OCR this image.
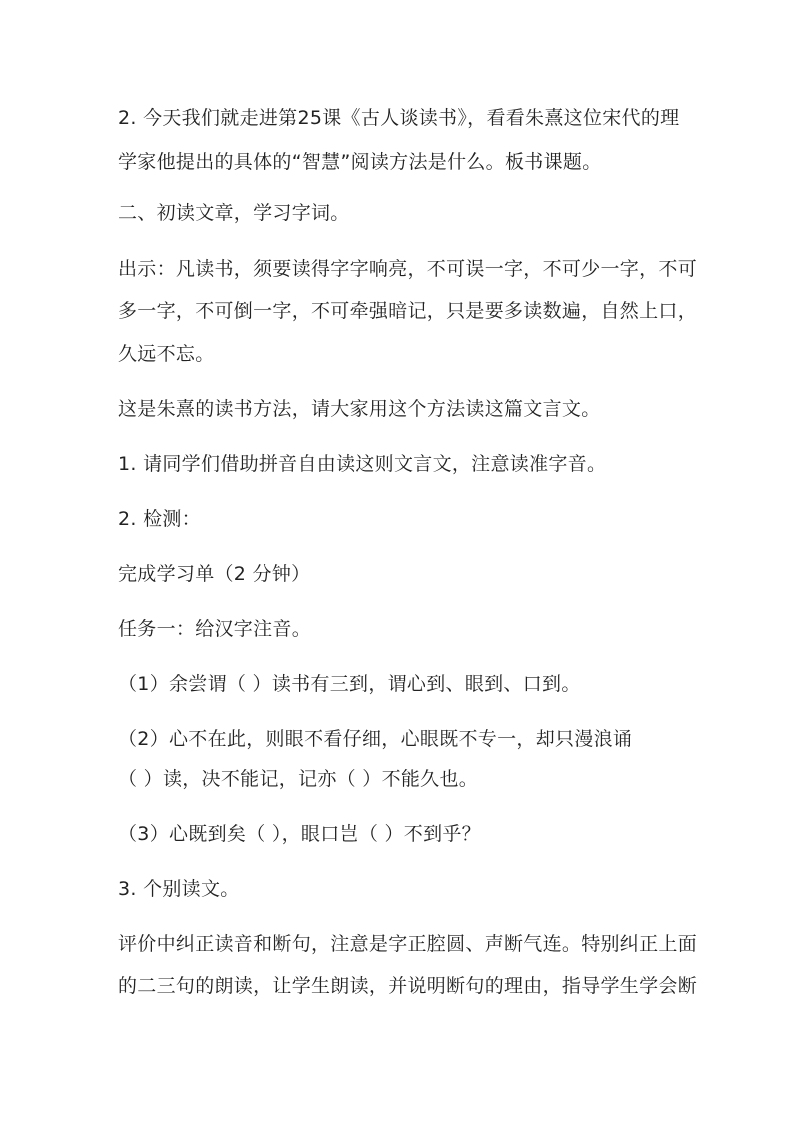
2. 今天我们就走进第25课《古人谈读书》，看看朱熹这位宋代的理
学家他提出的具体的“智慧”阅读方法是什么。板书课题。
二、初读文章，学习字词。
出示：凡读书，须要读得字字响亮，不可误一字，不可少一字，不可
多一字，不可倒一字，不可牵强暗记，只是要多读数遍，自然上口，
久远不忘。
这是朱熹的读书方法，请大家用这个方法读这篇文言文。
1. 请同学们借助拼音自由读这则文言文，注意读准字音。
2. 检测：
完成学习单（2 分钟）
任务一：给汉字注音。
（1）余尝谓（ ）读书有三到，谓心到、眼到、口到。
（2）心不在此，则眼不看仔细，心眼既不专一，却只漫浪诵
（ ）读，决不能记，记亦（ ）不能久也。
（3）心既到矣（ ），眼口岂（ ）不到乎？
3. 个别读文。
评价中纠正读音和断句，注意是字正腔圆、声断气连。特别纠正上面
的二三句的朗读，让学生朗读，并说明断句的理由，指导学生学会断
